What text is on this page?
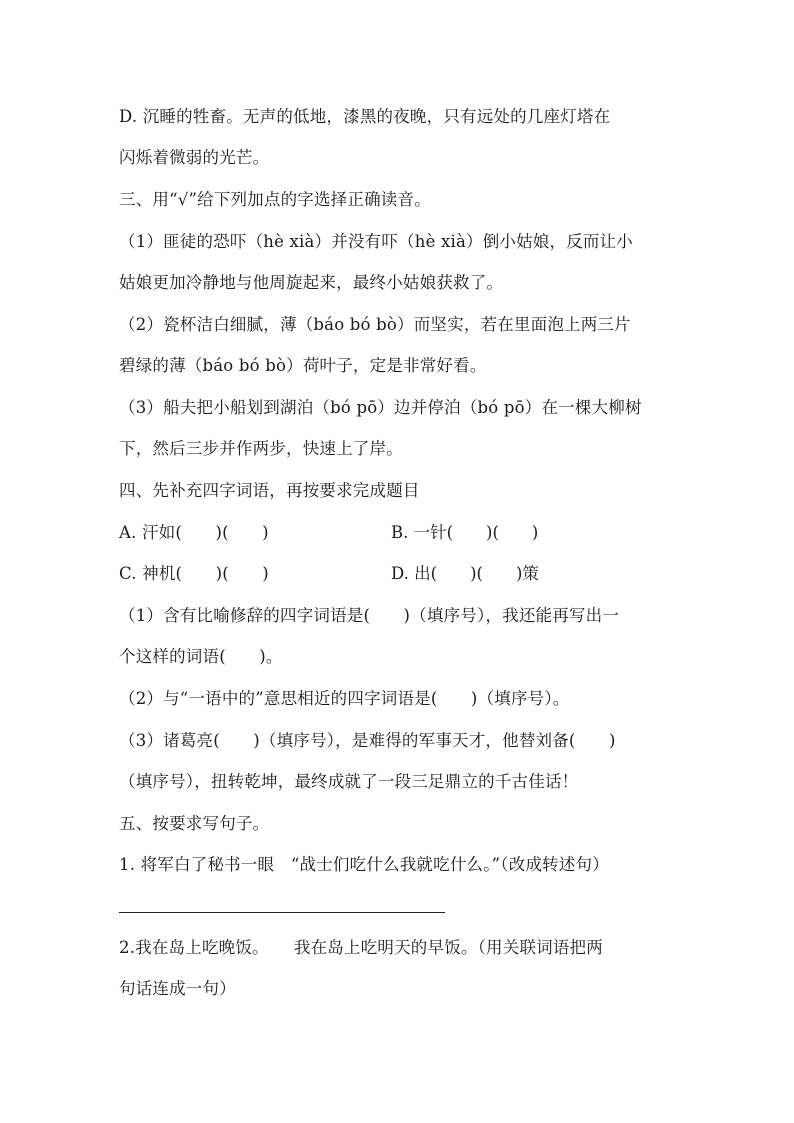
D. 沉睡的牲畜。无声的低地，漆黑的夜晚，只有远处的几座灯塔在
闪烁着微弱的光芒。
三、用“√”给下列加点的字选择正确读音。
（1）匪徒的恐吓（hè xià）并没有吓（hè xià）倒小姑娘，反而让小
姑娘更加冷静地与他周旋起来，最终小姑娘获救了。
（2）瓷杯洁白细腻，薄（báo bó bò）而坚实，若在里面泡上两三片
碧绿的薄（báo bó bò）荷叶子，定是非常好看。
（3）船夫把小船划到湖泊（bó pō）边并停泊（bó pō）在一棵大柳树
下，然后三步并作两步，快速上了岸。
四、先补充四字词语，再按要求完成题目
A. 汗如(　　)(　　)	B. 一针(　　)(　　)
C. 神机(　　)(　　)	D. 出(　　)(　　)策
（1）含有比喻修辞的四字词语是(　　)（填序号），我还能再写出一
个这样的词语(　　)。
（2）与“一语中的”意思相近的四字词语是(　　)（填序号）。
（3）诸葛亮(　　)（填序号），是难得的军事天才，他替刘备(　　)
（填序号），扭转乾坤，最终成就了一段三足鼎立的千古佳话！
五、按要求写句子。
1. 将军白了秘书一眼　“战士们吃什么我就吃什么。”（改成转述句）
2.我在岛上吃晚饭。　　我在岛上吃明天的早饭。（用关联词语把两
句话连成一句）
